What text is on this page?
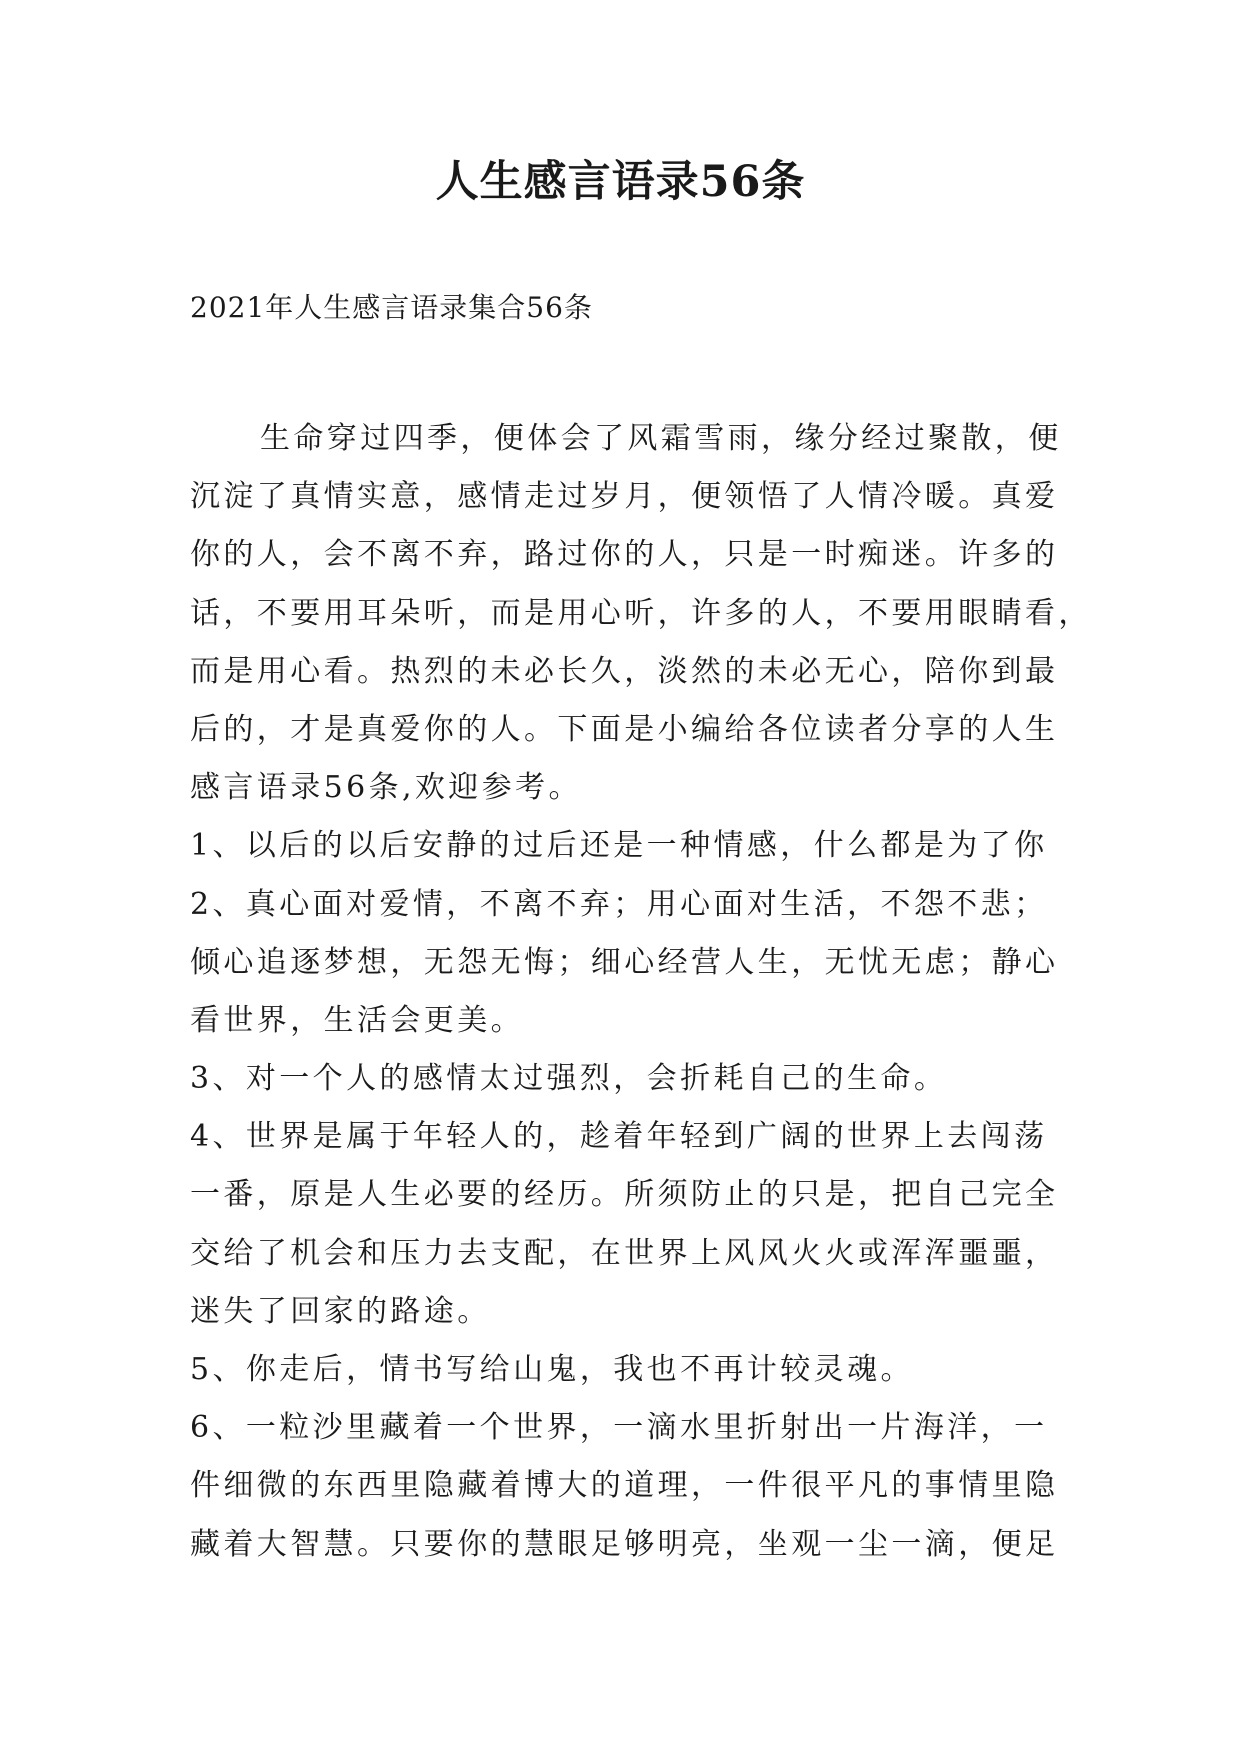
人生感言语录56条
2021年人生感言语录集合56条
生命穿过四季，便体会了风霜雪雨，缘分经过聚散，便
沉淀了真情实意，感情走过岁月，便领悟了人情冷暖。真爱
你的人，会不离不弃，路过你的人，只是一时痴迷。许多的
话，不要用耳朵听，而是用心听，许多的人，不要用眼睛看，
而是用心看。热烈的未必长久，淡然的未必无心，陪你到最
后的，才是真爱你的人。下面是小编给各位读者分享的人生
感言语录56条,欢迎参考。
1、以后的以后安静的过后还是一种情感，什么都是为了你
2、真心面对爱情，不离不弃；用心面对生活，不怨不悲；
倾心追逐梦想，无怨无悔；细心经营人生，无忧无虑；静心
看世界，生活会更美。
3、对一个人的感情太过强烈，会折耗自己的生命。
4、世界是属于年轻人的，趁着年轻到广阔的世界上去闯荡
一番，原是人生必要的经历。所须防止的只是，把自己完全
交给了机会和压力去支配，在世界上风风火火或浑浑噩噩，
迷失了回家的路途。
5、你走后，情书写给山鬼，我也不再计较灵魂。
6、一粒沙里藏着一个世界，一滴水里折射出一片海洋，一
件细微的东西里隐藏着博大的道理，一件很平凡的事情里隐
藏着大智慧。只要你的慧眼足够明亮，坐观一尘一滴，便足
